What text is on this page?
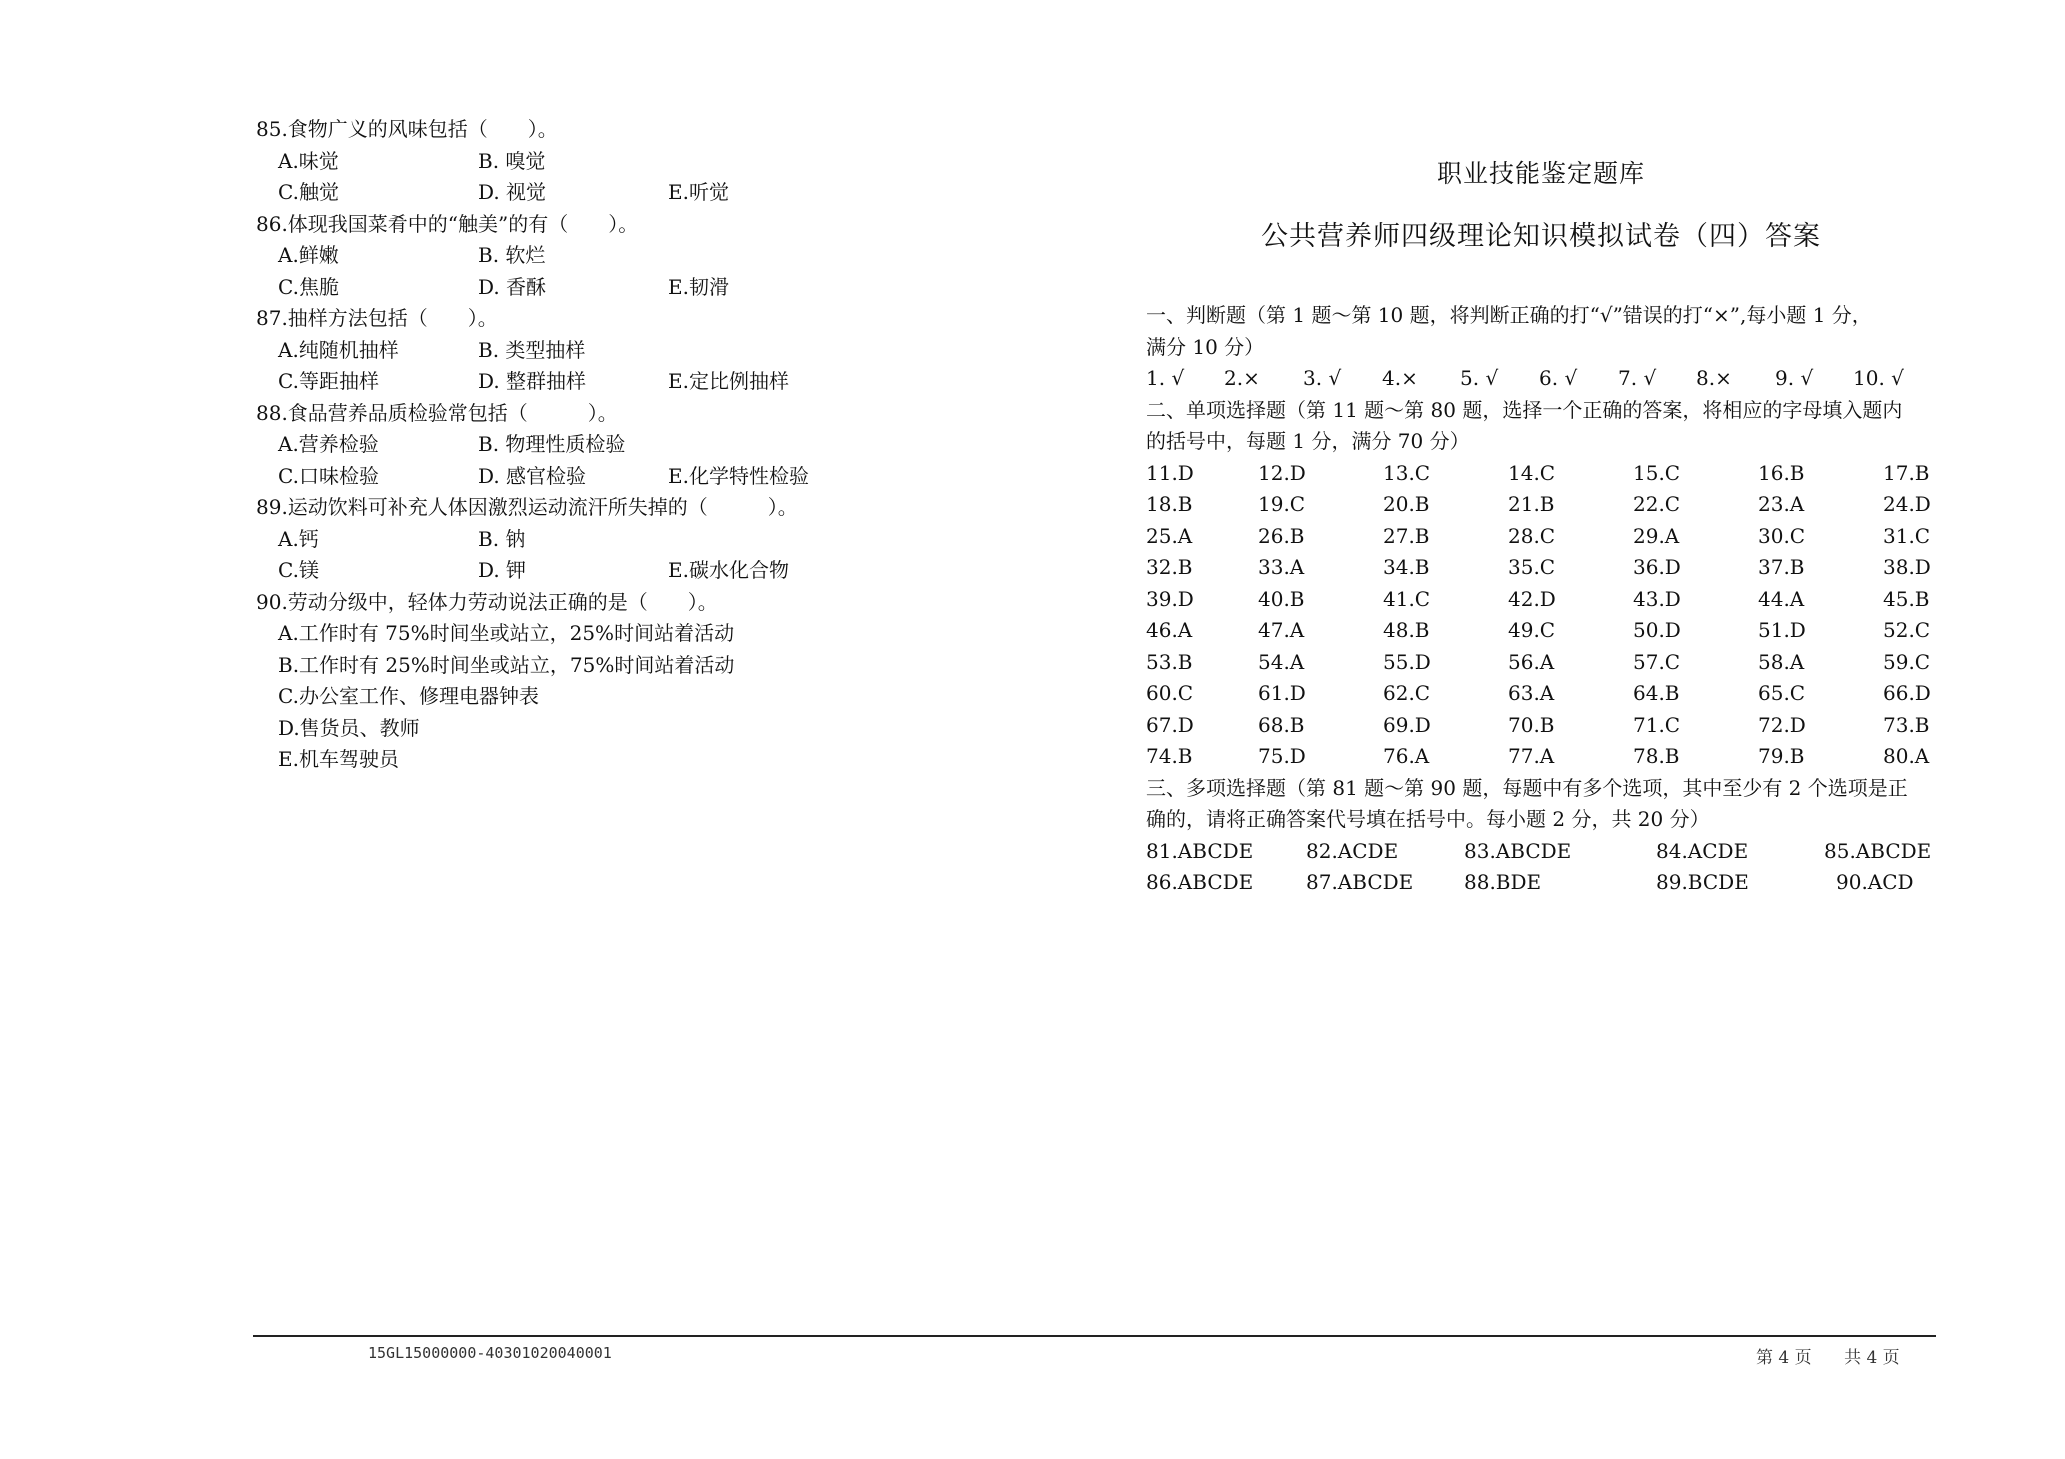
85.食物广义的风味包括（　　）。
A.味觉	B. 嗅觉
C.触觉	D. 视觉	E.听觉
86.体现我国菜肴中的“触美”的有（　　）。
A.鲜嫩	B. 软烂
C.焦脆	D. 香酥	E.韧滑
87.抽样方法包括（　　）。
A.纯随机抽样	B. 类型抽样
C.等距抽样	D. 整群抽样	E.定比例抽样
88.食品营养品质检验常包括（　　　）。
A.营养检验	B. 物理性质检验
C.口味检验	D. 感官检验	E.化学特性检验
89.运动饮料可补充人体因激烈运动流汗所失掉的（　　　）。
A.钙	B. 钠
C.镁	D. 钾	E.碳水化合物
90.劳动分级中，轻体力劳动说法正确的是（　　）。
A.工作时有 75%时间坐或站立，25%时间站着活动
B.工作时有 25%时间坐或站立，75%时间站着活动
C.办公室工作、修理电器钟表
D.售货员、教师
E.机车驾驶员
职业技能鉴定题库
公共营养师四级理论知识模拟试卷（四）答案
一、判断题（第 1 题～第 10 题，将判断正确的打“√”错误的打“×”,每小题 1 分，
满分 10 分）
1. √ 2.× 3. √ 4.× 5. √ 6. √ 7. √ 8.× 9. √ 10. √
二、单项选择题（第 11 题～第 80 题，选择一个正确的答案，将相应的字母填入题内
的括号中，每题 1 分，满分 70 分）
11.D	12.D	13.C	14.C	15.C	16.B	17.B
18.B	19.C	20.B	21.B	22.C	23.A	24.D
25.A	26.B	27.B	28.C	29.A	30.C	31.C
32.B	33.A	34.B	35.C	36.D	37.B	38.D
39.D	40.B	41.C	42.D	43.D	44.A	45.B
46.A	47.A	48.B	49.C	50.D	51.D	52.C
53.B	54.A	55.D	56.A	57.C	58.A	59.C
60.C	61.D	62.C	63.A	64.B	65.C	66.D
67.D	68.B	69.D	70.B	71.C	72.D	73.B
74.B	75.D	76.A	77.A	78.B	79.B	80.A
三、多项选择题（第 81 题～第 90 题，每题中有多个选项，其中至少有 2 个选项是正
确的，请将正确答案代号填在括号中。每小题 2 分，共 20 分）
81.ABCDE	82.ACDE	83.ABCDE	84.ACDE	85.ABCDE
86.ABCDE	87.ABCDE	88.BDE	89.BCDE	90.ACD
15GL15000000-40301020040001	第 4 页 共 4 页
